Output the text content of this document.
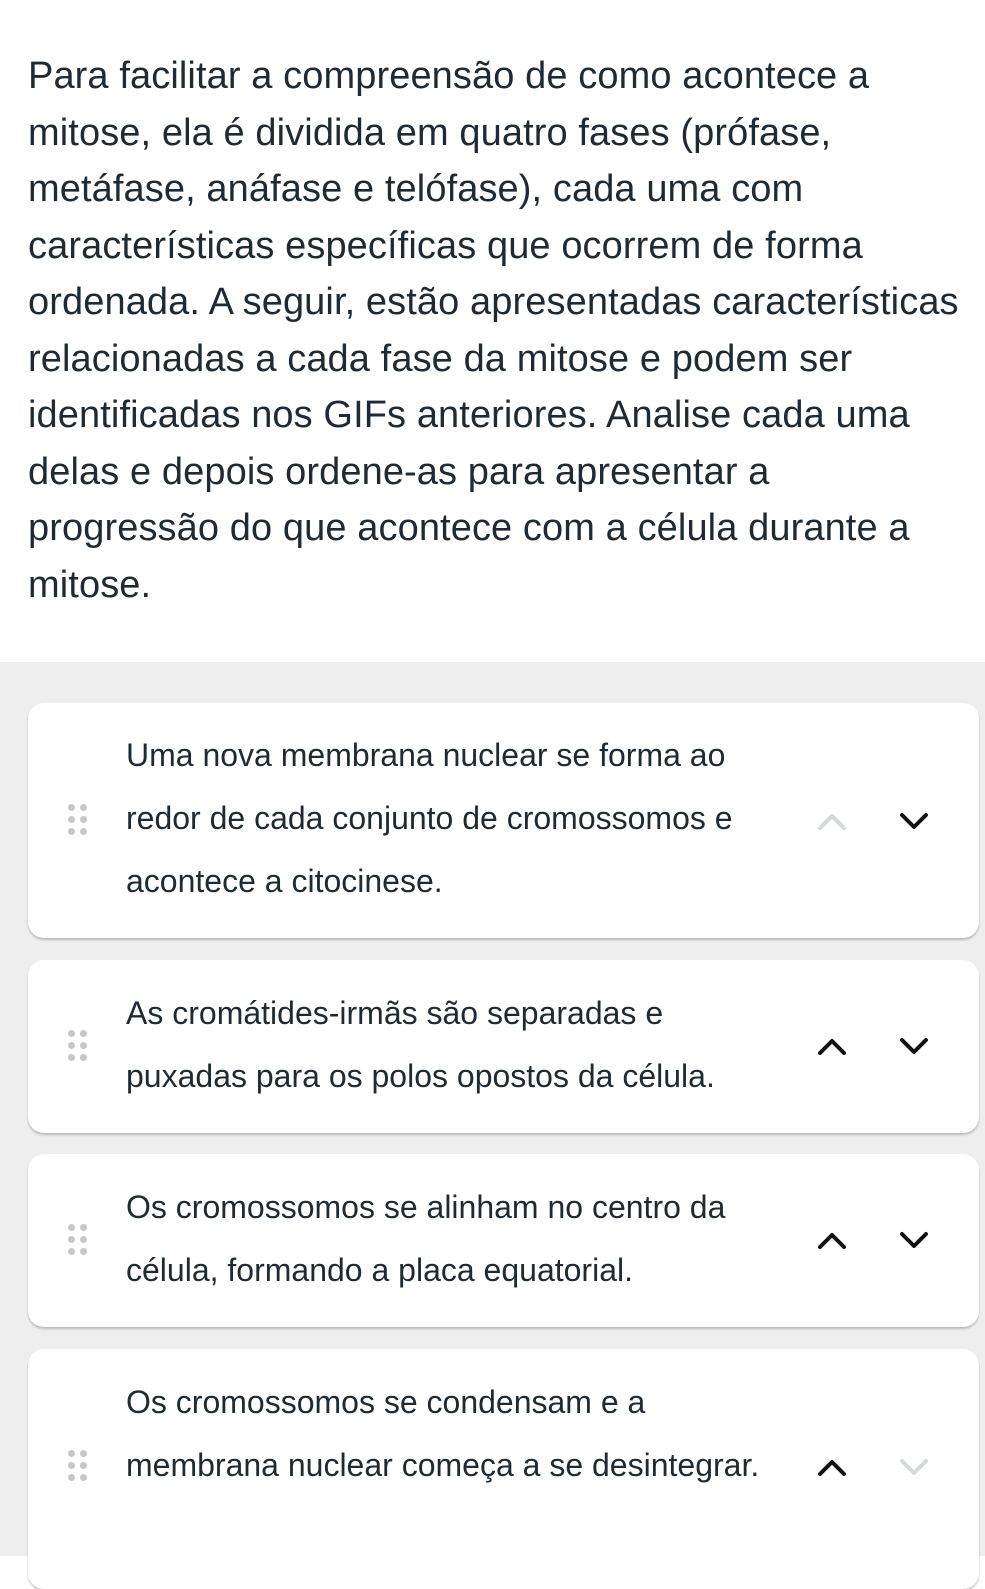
Para facilitar a compreensão de como acontece a mitose, ela é dividida em quatro fases (prófase, metáfase, anáfase e telófase), cada uma com características específicas que ocorrem de forma ordenada. A seguir, estão apresentadas características relacionadas a cada fase da mitose e podem ser identificadas nos GIFs anteriores. Analise cada uma delas e depois ordene-as para apresentar a progressão do que acontece com a célula durante a mitose.

Uma nova membrana nuclear se forma ao redor de cada conjunto de cromossomos e acontece a citocinese.
As cromátides-irmãs são separadas e puxadas para os polos opostos da célula.
Os cromossomos se alinham no centro da célula, formando a placa equatorial.
Os cromossomos se condensam e a membrana nuclear começa a se desintegrar.
